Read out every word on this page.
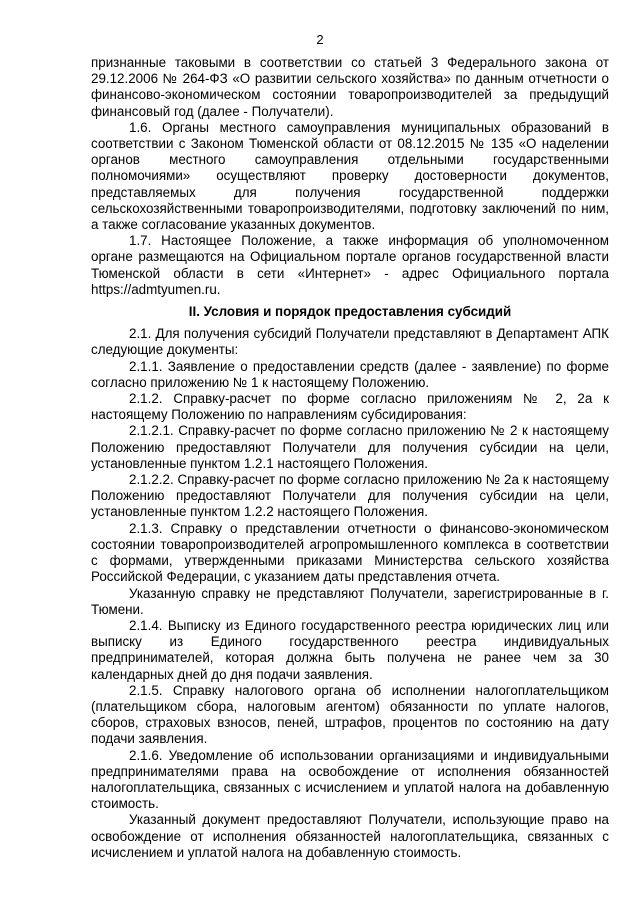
2

признанные таковыми в соответствии со статьей 3 Федерального закона от 29.12.2006 № 264-ФЗ «О развитии сельского хозяйства» по данным отчетности о финансово-экономическом состоянии товаропроизводителей за предыдущий финансовый год (далее - Получатели).

1.6. Органы местного самоуправления муниципальных образований в соответствии с Законом Тюменской области от 08.12.2015 № 135 «О наделении органов местного самоуправления отдельными государственными полномочиями» осуществляют проверку достоверности документов, представляемых для получения государственной поддержки сельскохозяйственными товаропроизводителями, подготовку заключений по ним, а также согласование указанных документов.

1.7. Настоящее Положение, а также информация об уполномоченном органе размещаются на Официальном портале органов государственной власти Тюменской области в сети «Интернет» - адрес Официального портала https://admtyumen.ru.

II. Условия и порядок предоставления субсидий

2.1. Для получения субсидий Получатели представляют в Департамент АПК следующие документы:

2.1.1. Заявление о предоставлении средств (далее - заявление) по форме согласно приложению № 1 к настоящему Положению.

2.1.2. Справку-расчет по форме согласно приложениям № 2, 2а к настоящему Положению по направлениям субсидирования:

2.1.2.1. Справку-расчет по форме согласно приложению № 2 к настоящему Положению предоставляют Получатели для получения субсидии на цели, установленные пунктом 1.2.1 настоящего Положения.

2.1.2.2. Справку-расчет по форме согласно приложению № 2а к настоящему Положению предоставляют Получатели для получения субсидии на цели, установленные пунктом 1.2.2 настоящего Положения.

2.1.3. Справку о представлении отчетности о финансово-экономическом состоянии товаропроизводителей агропромышленного комплекса в соответствии с формами, утвержденными приказами Министерства сельского хозяйства Российской Федерации, с указанием даты представления отчета.

Указанную справку не представляют Получатели, зарегистрированные в г. Тюмени.

2.1.4. Выписку из Единого государственного реестра юридических лиц или выписку из Единого государственного реестра индивидуальных предпринимателей, которая должна быть получена не ранее чем за 30 календарных дней до дня подачи заявления.

2.1.5. Справку налогового органа об исполнении налогоплательщиком (плательщиком сбора, налоговым агентом) обязанности по уплате налогов, сборов, страховых взносов, пеней, штрафов, процентов по состоянию на дату подачи заявления.

2.1.6. Уведомление об использовании организациями и индивидуальными предпринимателями права на освобождение от исполнения обязанностей налогоплательщика, связанных с исчислением и уплатой налога на добавленную стоимость.

Указанный документ предоставляют Получатели, использующие право на освобождение от исполнения обязанностей налогоплательщика, связанных с исчислением и уплатой налога на добавленную стоимость.
